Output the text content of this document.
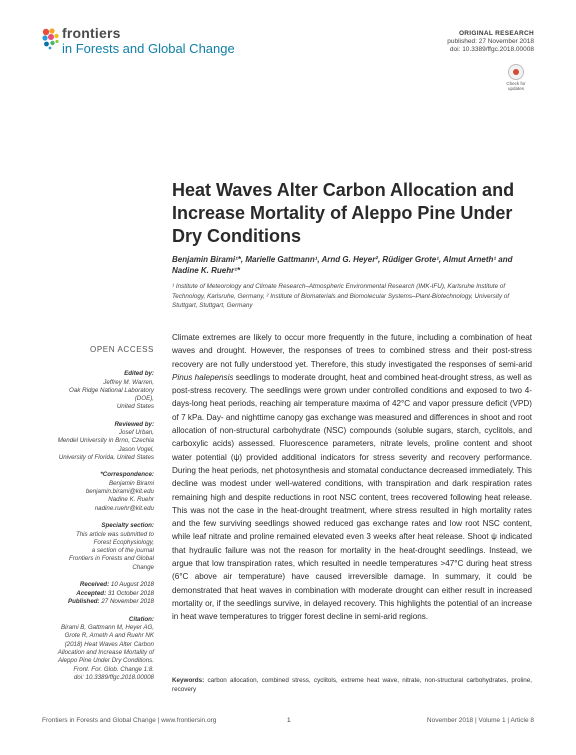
frontiers
in Forests and Global Change
ORIGINAL RESEARCH
published: 27 November 2018
doi: 10.3389/ffgc.2018.00008
Check for
updates
Heat Waves Alter Carbon Allocation and Increase Mortality of Aleppo Pine Under Dry Conditions
Benjamin Birami¹*, Marielle Gattmann¹, Arnd G. Heyer², Rüdiger Grote¹, Almut Arneth¹ and Nadine K. Ruehr¹*
¹ Institute of Meteorology and Climate Research–Atmospheric Environmental Research (IMK-IFU), Karlsruhe Institute of Technology, Karlsruhe, Germany, ² Institute of Biomaterials and Biomolecular Systems–Plant-Biotechnology, University of Stuttgart, Stuttgart, Germany
OPEN ACCESS
Edited by:
Jeffrey M. Warren,
Oak Ridge National Laboratory (DOE),
United States
Reviewed by:
Josef Urban,
Mendel University in Brno, Czechia
Jason Vogel,
University of Florida, United States
*Correspondence:
Benjamin Birami
benjamin.birami@kit.edu
Nadine K. Ruehr
nadine.ruehr@kit.edu
Specialty section:
This article was submitted to
Forest Ecophysiology,
a section of the journal
Frontiers in Forests and Global
Change
Received: 10 August 2018
Accepted: 31 October 2018
Published: 27 November 2018
Citation:
Birami B, Gattmann M, Heyer AG,
Grote R, Arneth A and Ruehr NK
(2018) Heat Waves Alter Carbon
Allocation and Increase Mortality of
Aleppo Pine Under Dry Conditions.
Front. For. Glob. Change 1:8.
doi: 10.3389/ffgc.2018.00008

Climate extremes are likely to occur more frequently in the future, including a combination of heat waves and drought. However, the responses of trees to combined stress and their post-stress recovery are not fully understood yet. Therefore, this study investigated the responses of semi-arid Pinus halepensis seedlings to moderate drought, heat and combined heat-drought stress, as well as post-stress recovery. The seedlings were grown under controlled conditions and exposed to two 4-days-long heat periods, reaching air temperature maxima of 42°C and vapor pressure deficit (VPD) of 7 kPa. Day- and nighttime canopy gas exchange was measured and differences in shoot and root allocation of non-structural carbohydrate (NSC) compounds (soluble sugars, starch, cyclitols, and carboxylic acids) assessed. Fluorescence parameters, nitrate levels, proline content and shoot water potential (ψ) provided additional indicators for stress severity and recovery performance. During the heat periods, net photosynthesis and stomatal conductance decreased immediately. This decline was modest under well-watered conditions, with transpiration and dark respiration rates remaining high and despite reductions in root NSC content, trees recovered following heat release. This was not the case in the heat-drought treatment, where stress resulted in high mortality rates and the few surviving seedlings showed reduced gas exchange rates and low root NSC content, while leaf nitrate and proline remained elevated even 3 weeks after heat release. Shoot ψ indicated that hydraulic failure was not the reason for mortality in the heat-drought seedlings. Instead, we argue that low transpiration rates, which resulted in needle temperatures >47°C during heat stress (6°C above air temperature) have caused irreversible damage. In summary, it could be demonstrated that heat waves in combination with moderate drought can either result in increased mortality or, if the seedlings survive, in delayed recovery. This highlights the potential of an increase in heat wave temperatures to trigger forest decline in semi-arid regions.

Keywords: carbon allocation, combined stress, cyclitols, extreme heat wave, nitrate, non-structural carbohydrates, proline, recovery

Frontiers in Forests and Global Change | www.frontiersin.org	1	November 2018 | Volume 1 | Article 8
